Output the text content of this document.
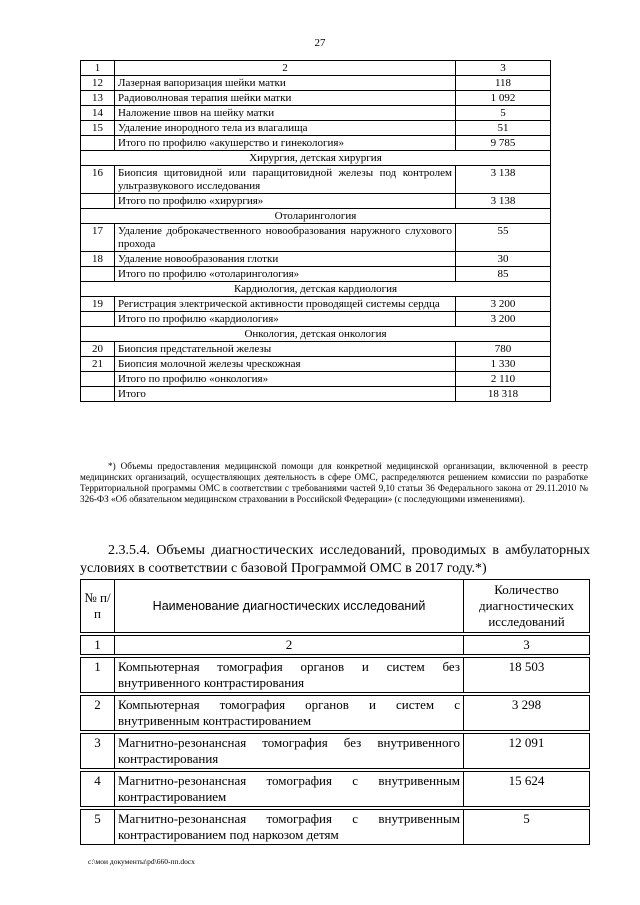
27
1	2	3
12	Лазерная вапоризация шейки матки	118
13	Радиоволновая терапия шейки матки	1 092
14	Наложение швов на шейку матки	5
15	Удаление инородного тела из влагалища	51
	Итого по профилю «акушерство и гинекология»	9 785
Хирургия, детская хирургия		
16	Биопсия щитовидной или паращитовидной железы под контролем ультразвукового исследования	3 138
	Итого по профилю «хирургия»	3 138
Отоларингология		
17	Удаление доброкачественного новообразования наружного слухового прохода	55
18	Удаление новообразования глотки	30
	Итого по профилю «отоларингология»	85
Кардиология, детская кардиология		
19	Регистрация электрической активности проводящей системы сердца	3 200
	Итого по профилю «кардиология»	3 200
Онкология, детская онкология		
20	Биопсия предстательной железы	780
21	Биопсия молочной железы чрескожная	1 330
	Итого по профилю «онкология»	2 110
	Итого	18 318

*) Объемы предоставления медицинской помощи для конкретной медицинской организации, включенной в реестр медицинских организаций, осуществляющих деятельность в сфере ОМС, распределяются решением комиссии по разработке Территориальной программы ОМС в соответствии с требованиями частей 9,10 статьи 36 Федерального закона от 29.11.2010 № 326-ФЗ «Об обязательном медицинском страховании в Российской Федерации» (с последующими изменениями).

2.3.5.4. Объемы диагностических исследований, проводимых в амбулаторных условиях в соответствии с базовой Программой ОМС в 2017 году.*)

№ п/п	Наименование диагностических исследований	Количество диагностических исследований

1	2	3

1	Компьютерная томография органов и систем без внутривенного контрастирования	18 503

2	Компьютерная томография органов и систем с внутривенным контрастированием	3 298

3	Магнитно-резонансная томография без внутривенного контрастирования	12 091

4	Магнитно-резонансная томография с внутривенным контрастированием	15 624

5	Магнитно-резонансная томография с внутривенным контрастированием под наркозом детям	5
c:\мои документы\pd\660-пп.docx
